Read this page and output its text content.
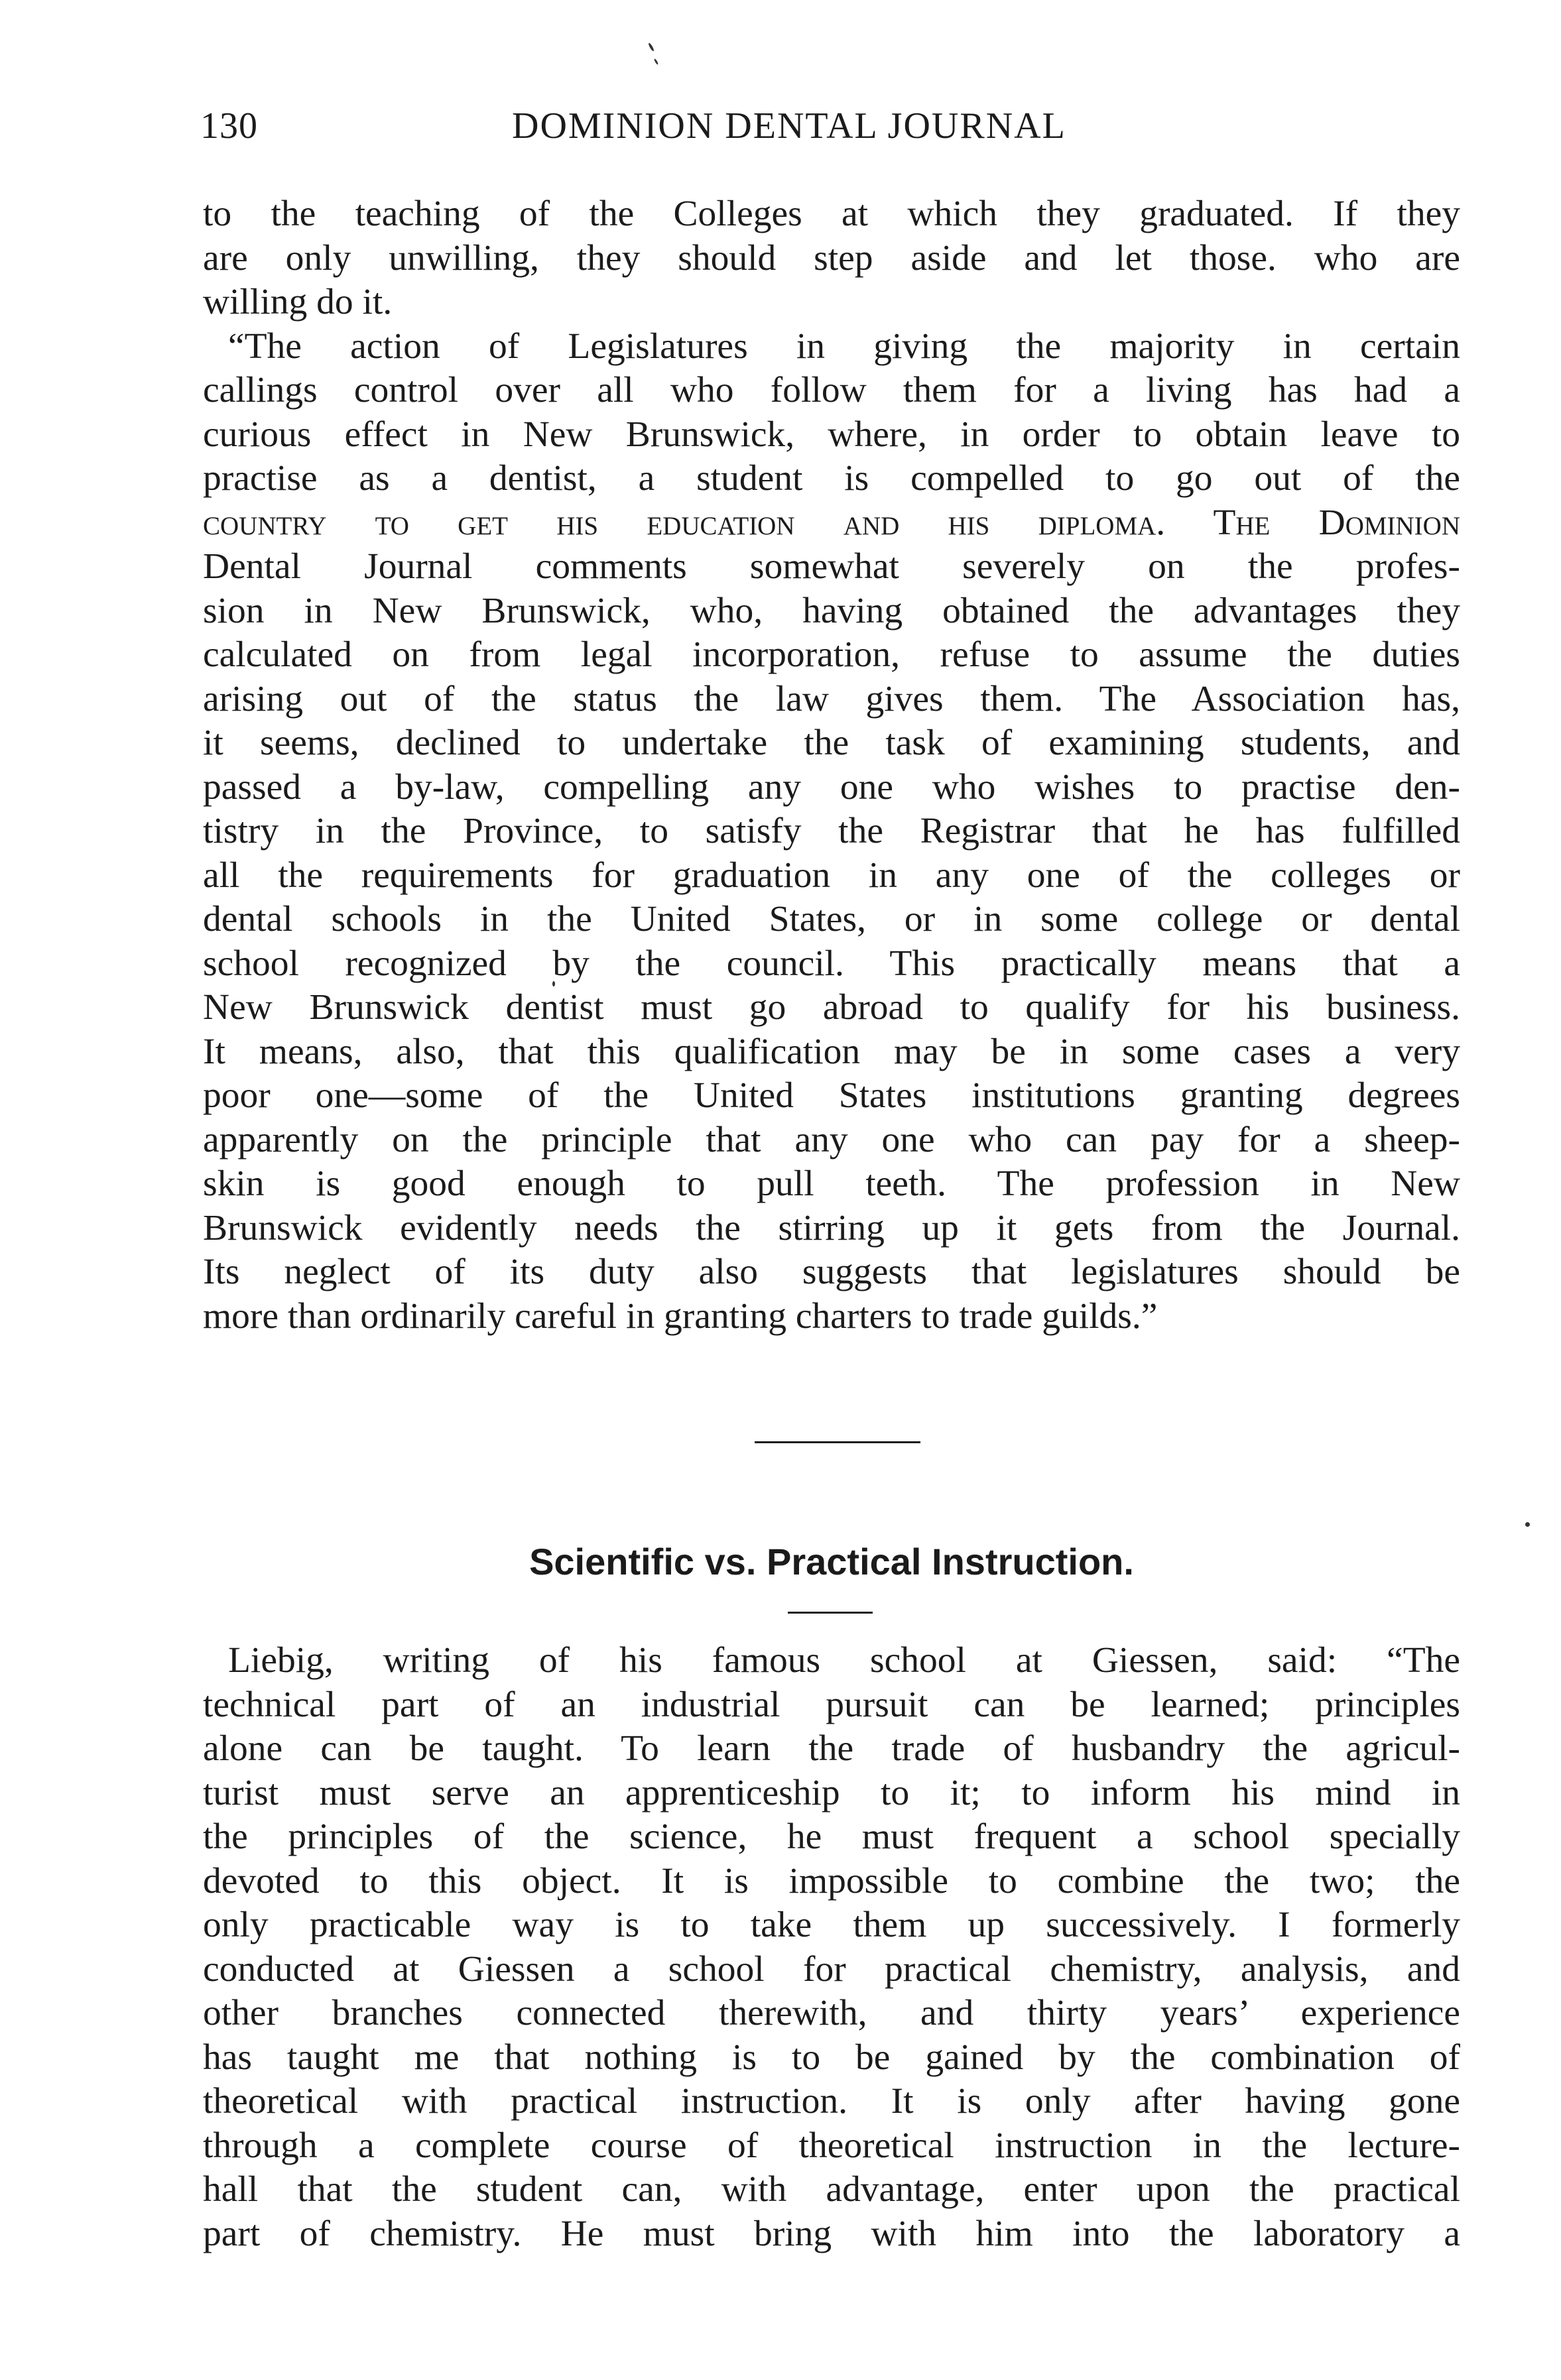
130	DOMINION DENTAL JOURNAL
to the teaching of the Colleges at which they graduated. If they
are only unwilling, they should step aside and let those. who are
willing do it.
“The action of Legislatures in giving the majority in certain
callings control over all who follow them for a living has had a
curious effect in New Brunswick, where, in order to obtain leave to
practise as a dentist, a student is compelled to go out of the
country to get his education and his diploma. The Dominion
Dental Journal comments somewhat severely on the profes-
sion in New Brunswick, who, having obtained the advantages they
calculated on from legal incorporation, refuse to assume the duties
arising out of the status the law gives them. The Association has,
it seems, declined to undertake the task of examining students, and
passed a by-law, compelling any one who wishes to practise den-
tistry in the Province, to satisfy the Registrar that he has fulfilled
all the requirements for graduation in any one of the colleges or
dental schools in the United States, or in some college or dental
school recognized by the council. This practically means that a
New Brunswick dentist must go abroad to qualify for his business.
It means, also, that this qualification may be in some cases a very
poor one—some of the United States institutions granting degrees
apparently on the principle that any one who can pay for a sheep-
skin is good enough to pull teeth. The profession in New
Brunswick evidently needs the stirring up it gets from the Journal.
Its neglect of its duty also suggests that legislatures should be
more than ordinarily careful in granting charters to trade guilds.”
Scientific vs. Practical Instruction.
Liebig, writing of his famous school at Giessen, said: “The
technical part of an industrial pursuit can be learned; principles
alone can be taught. To learn the trade of husbandry the agricul-
turist must serve an apprenticeship to it; to inform his mind in
the principles of the science, he must frequent a school specially
devoted to this object. It is impossible to combine the two; the
only practicable way is to take them up successively. I formerly
conducted at Giessen a school for practical chemistry, analysis, and
other branches connected therewith, and thirty years’ experience
has taught me that nothing is to be gained by the combination of
theoretical with practical instruction. It is only after having gone
through a complete course of theoretical instruction in the lecture-
hall that the student can, with advantage, enter upon the practical
part of chemistry. He must bring with him into the laboratory a
